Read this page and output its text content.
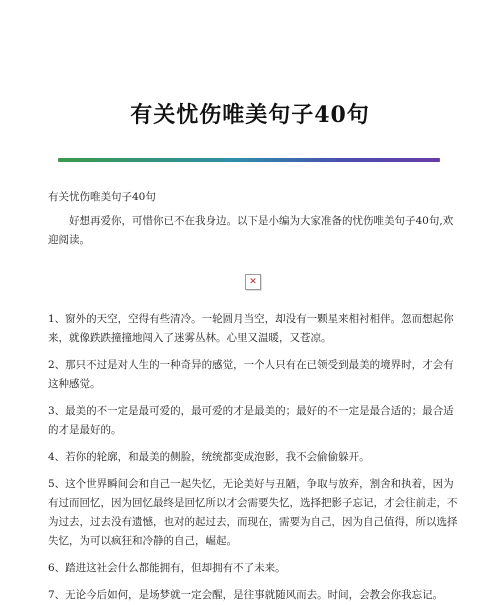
有关忧伤唯美句子40句

有关忧伤唯美句子40句

好想再爱你，可惜你已不在我身边。以下是小编为大家准备的忧伤唯美句子40句,欢迎阅读。

✕

1、窗外的天空，空得有些清冷。一轮圆月当空，却没有一颗星来相衬相伴。忽而想起你来，就像跌跌撞撞地闯入了迷雾丛林。心里又温暖，又苍凉。

2、那只不过是对人生的一种奇异的感觉，一个人只有在已领受到最美的境界时，才会有这种感觉。

3、最美的不一定是最可爱的，最可爱的才是最美的；最好的不一定是最合适的；最合适的才是最好的。

4、若你的轮廓，和最美的侧脸，统统都变成泡影，我不会偷偷躲开。

5、这个世界瞬间会和自己一起失忆，无论美好与丑陋，争取与放弃，割舍和执着，因为有过而回忆，因为回忆最终是回忆所以才会需要失忆，选择把影子忘记，才会往前走，不为过去，过去没有遗憾，也对的起过去，而现在，需要为自己，因为自己值得，所以选择失忆，为可以疯狂和冷静的自己，崛起。

6、踏进这社会什么都能拥有，但却拥有不了未来。

7、无论今后如何，是场梦就一定会醒，是往事就随风而去。时间，会教会你我忘记。
